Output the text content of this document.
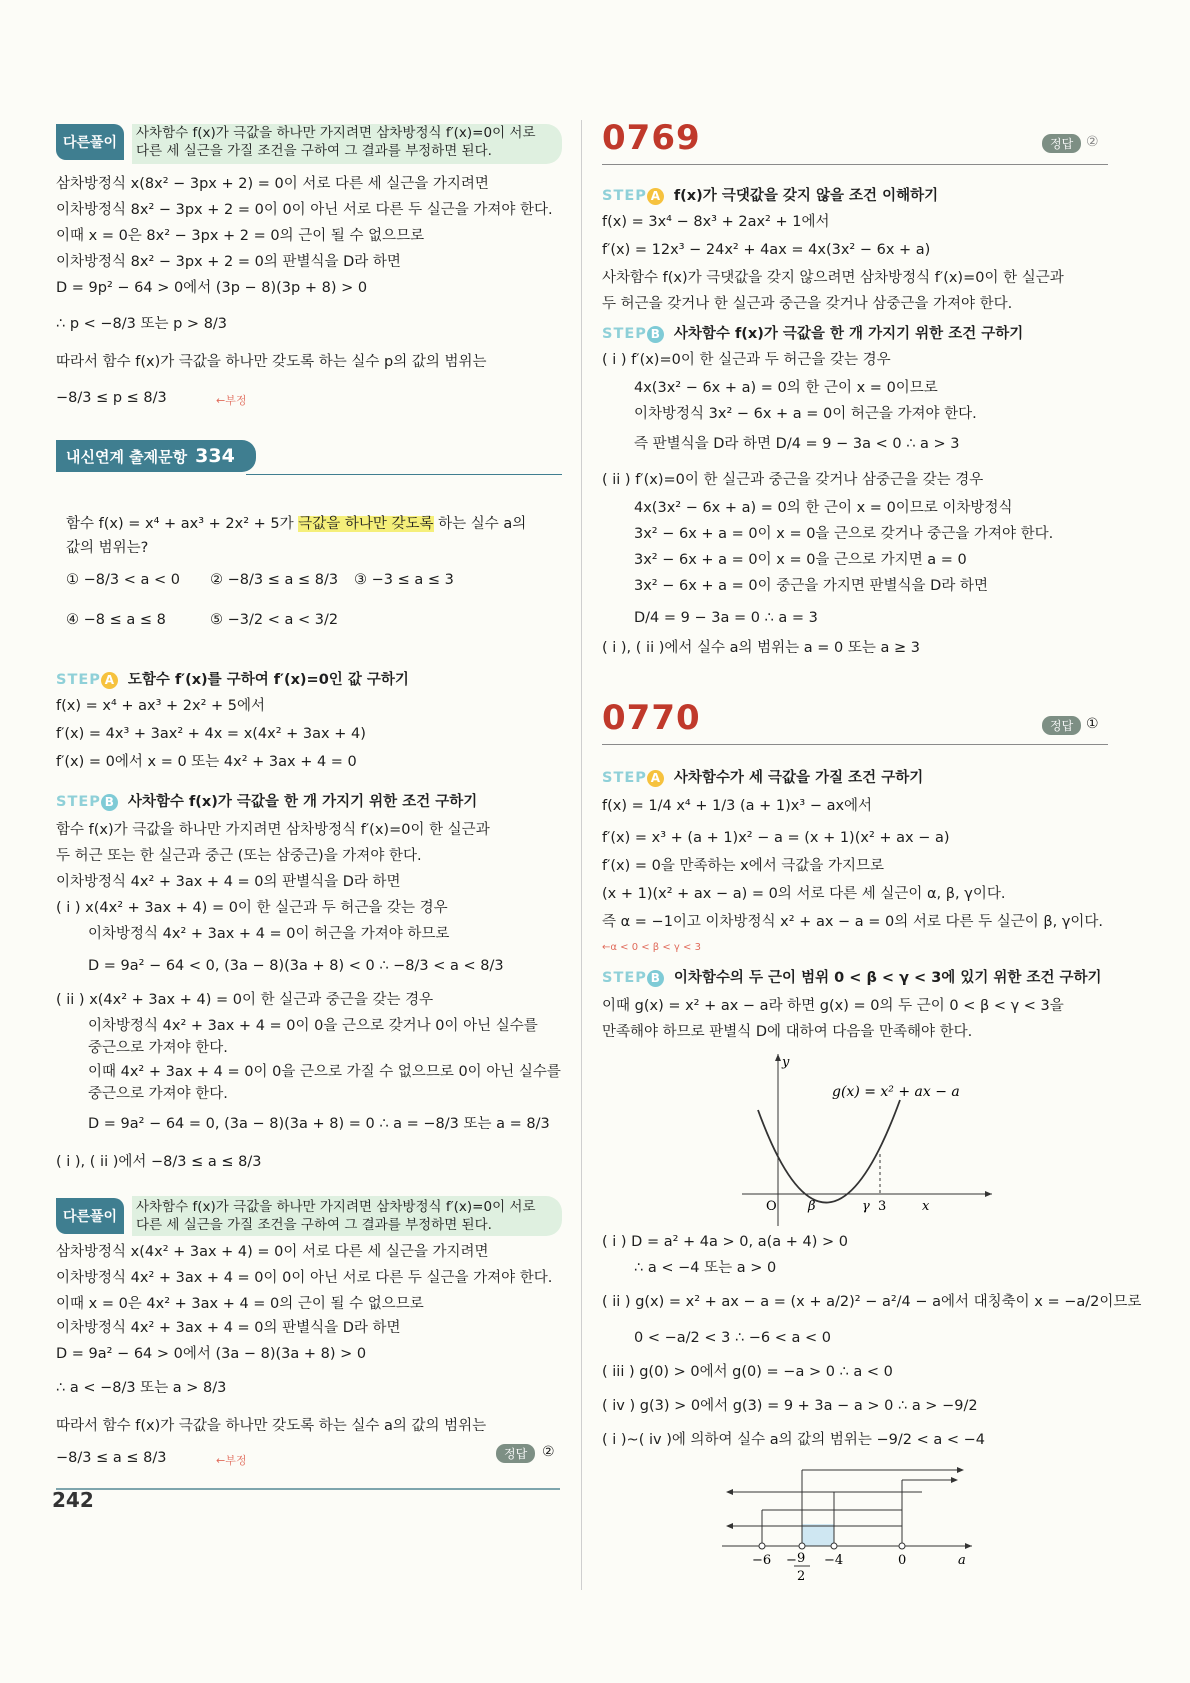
다른풀이
사차함수 f(x)가 극값을 하나만 가지려면 삼차방정식 f′(x)=0이 서로
다른 세 실근을 가질 조건을 구하여 그 결과를 부정하면 된다.
삼차방정식 x(8x² − 3px + 2) = 0이 서로 다른 세 실근을 가지려면
이차방정식 8x² − 3px + 2 = 0이 0이 아닌 서로 다른 두 실근을 가져야 한다.
이때 x = 0은 8x² − 3px + 2 = 0의 근이 될 수 없으므로
이차방정식 8x² − 3px + 2 = 0의 판별식을 D라 하면
D = 9p² − 64 > 0에서 (3p − 8)(3p + 8) > 0
∴ p < −8/3 또는 p > 8/3
따라서 함수 f(x)가 극값을 하나만 갖도록 하는 실수 p의 값의 범위는
−8/3 ≤ p ≤ 8/3	←부정
내신연계 출제문항 334
함수 f(x) = x⁴ + ax³ + 2x² + 5가 극값을 하나만 갖도록 하는 실수 a의
값의 범위는?
① −8/3 < a < 0 ② −8/3 ≤ a ≤ 8/3 ③ −3 ≤ a ≤ 3
④ −8 ≤ a ≤ 8	⑤ −3/2 < a < 3/2
STEP A 도함수 f′(x)를 구하여 f′(x)=0인 값 구하기
f(x) = x⁴ + ax³ + 2x² + 5에서
f′(x) = 4x³ + 3ax² + 4x = x(4x² + 3ax + 4)
f′(x) = 0에서 x = 0 또는 4x² + 3ax + 4 = 0
STEP B 사차함수 f(x)가 극값을 한 개 가지기 위한 조건 구하기
함수 f(x)가 극값을 하나만 가지려면 삼차방정식 f′(x)=0이 한 실근과
두 허근 또는 한 실근과 중근 (또는 삼중근)을 가져야 한다.
이차방정식 4x² + 3ax + 4 = 0의 판별식을 D라 하면
( i ) x(4x² + 3ax + 4) = 0이 한 실근과 두 허근을 갖는 경우
이차방정식 4x² + 3ax + 4 = 0이 허근을 가져야 하므로
D = 9a² − 64 < 0, (3a − 8)(3a + 8) < 0 ∴ −8/3 < a < 8/3
( ii ) x(4x² + 3ax + 4) = 0이 한 실근과 중근을 갖는 경우
이차방정식 4x² + 3ax + 4 = 0이 0을 근으로 갖거나 0이 아닌 실수를
중근으로 가져야 한다.
이때 4x² + 3ax + 4 = 0이 0을 근으로 가질 수 없으므로 0이 아닌 실수를
중근으로 가져야 한다.
D = 9a² − 64 = 0, (3a − 8)(3a + 8) = 0 ∴ a = −8/3 또는 a = 8/3
( i ), ( ii )에서 −8/3 ≤ a ≤ 8/3
다른풀이
사차함수 f(x)가 극값을 하나만 가지려면 삼차방정식 f′(x)=0이 서로
다른 세 실근을 가질 조건을 구하여 그 결과를 부정하면 된다.
삼차방정식 x(4x² + 3ax + 4) = 0이 서로 다른 세 실근을 가지려면
이차방정식 4x² + 3ax + 4 = 0이 0이 아닌 서로 다른 두 실근을 가져야 한다.
이때 x = 0은 4x² + 3ax + 4 = 0의 근이 될 수 없으므로
이차방정식 4x² + 3ax + 4 = 0의 판별식을 D라 하면
D = 9a² − 64 > 0에서 (3a − 8)(3a + 8) > 0
∴ a < −8/3 또는 a > 8/3
따라서 함수 f(x)가 극값을 하나만 갖도록 하는 실수 a의 값의 범위는
−8/3 ≤ a ≤ 8/3	←부정	정답	②
0769	정답 ②
STEP A f(x)가 극댓값을 갖지 않을 조건 이해하기
f(x) = 3x⁴ − 8x³ + 2ax² + 1에서
f′(x) = 12x³ − 24x² + 4ax = 4x(3x² − 6x + a)
사차함수 f(x)가 극댓값을 갖지 않으려면 삼차방정식 f′(x)=0이 한 실근과
두 허근을 갖거나 한 실근과 중근을 갖거나 삼중근을 가져야 한다.
STEP B 사차함수 f(x)가 극값을 한 개 가지기 위한 조건 구하기
( i ) f′(x)=0이 한 실근과 두 허근을 갖는 경우
4x(3x² − 6x + a) = 0의 한 근이 x = 0이므로
이차방정식 3x² − 6x + a = 0이 허근을 가져야 한다.
즉 판별식을 D라 하면 D/4 = 9 − 3a < 0 ∴ a > 3
( ii ) f′(x)=0이 한 실근과 중근을 갖거나 삼중근을 갖는 경우
4x(3x² − 6x + a) = 0의 한 근이 x = 0이므로 이차방정식
3x² − 6x + a = 0이 x = 0을 근으로 갖거나 중근을 가져야 한다.
3x² − 6x + a = 0이 x = 0을 근으로 가지면 a = 0
3x² − 6x + a = 0이 중근을 가지면 판별식을 D라 하면
D/4 = 9 − 3a = 0 ∴ a = 3
( i ), ( ii )에서 실수 a의 범위는 a = 0 또는 a ≥ 3
0770	정답 ①
STEP A 사차함수가 세 극값을 가질 조건 구하기
f(x) = 1/4 x⁴ + 1/3 (a + 1)x³ − ax에서
f′(x) = x³ + (a + 1)x² − a = (x + 1)(x² + ax − a)
f′(x) = 0을 만족하는 x에서 극값을 가지므로
(x + 1)(x² + ax − a) = 0의 서로 다른 세 실근이 α, β, γ이다.
즉 α = −1이고 이차방정식 x² + ax − a = 0의 서로 다른 두 실근이 β, γ이다.
←α < 0 < β < γ < 3
STEP B 이차함수의 두 근이 범위 0 < β < γ < 3에 있기 위한 조건 구하기
이때 g(x) = x² + ax − a라 하면 g(x) = 0의 두 근이 0 < β < γ < 3을
만족해야 하므로 판별식 D에 대하여 다음을 만족해야 한다.
g(x) = x² + ax − a
y
O β	γ 3	x
( i ) D = a² + 4a > 0, a(a + 4) > 0
∴ a < −4 또는 a > 0
( ii ) g(x) = x² + ax − a = (x + a/2)² − a²/4 − a에서 대칭축이 x = −a/2이므로
0 < −a/2 < 3 ∴ −6 < a < 0
( iii ) g(0) > 0에서 g(0) = −a > 0 ∴ a < 0
( iv ) g(3) > 0에서 g(3) = 9 + 3a − a > 0 ∴ a > −9/2
( i )~( iv )에 의하여 실수 a의 값의 범위는 −9/2 < a < −4
−6 − 9
2
−4	0	a
242
